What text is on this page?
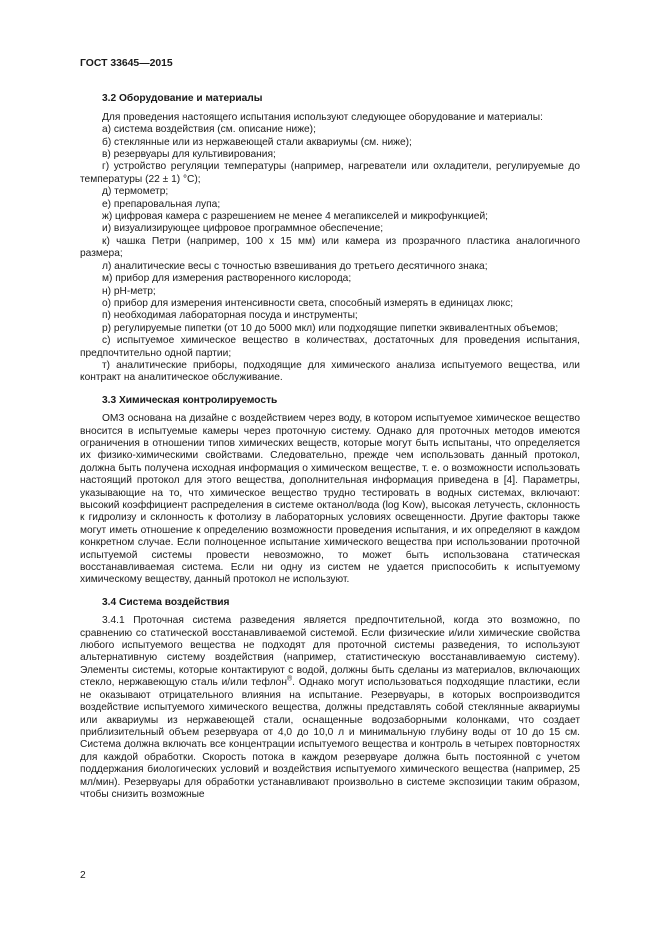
ГОСТ 33645—2015
3.2 Оборудование и материалы

Для проведения настоящего испытания используют следующее оборудование и материалы:

а) система воздействия (см. описание ниже);
б) стеклянные или из нержавеющей стали аквариумы (см. ниже);
в) резервуары для культивирования;
г) устройство регуляции температуры (например, нагреватели или охладители, регулируемые до температуры (22 ± 1) °С);
д) термометр;
е) препаровальная лупа;
ж) цифровая камера с разрешением не менее 4 мегапикселей и микрофункцией;
и) визуализирующее цифровое программное обеспечение;
к) чашка Петри (например, 100 x 15 мм) или камера из прозрачного пластика аналогичного размера;
л) аналитические весы с точностью взвешивания до третьего десятичного знака;
м) прибор для измерения растворенного кислорода;
н) рН-метр;
о) прибор для измерения интенсивности света, способный измерять в единицах люкс;
п) необходимая лабораторная посуда и инструменты;
р) регулируемые пипетки (от 10 до 5000 мкл) или подходящие пипетки эквивалентных объемов;
с) испытуемое химическое вещество в количествах, достаточных для проведения испытания, предпочтительно одной партии;
т) аналитические приборы, подходящие для химического анализа испытуемого вещества, или контракт на аналитическое обслуживание.
3.3 Химическая контролируемость

ОМЗ основана на дизайне с воздействием через воду, в котором испытуемое химическое вещество вносится в испытуемые камеры через проточную систему. Однако для проточных методов имеются ограничения в отношении типов химических веществ, которые могут быть испытаны, что определяется их физико-химическими свойствами. Следовательно, прежде чем использовать данный протокол, должна быть получена исходная информация о химическом веществе, т. е. о возможности использовать настоящий протокол для этого вещества, дополнительная информация приведена в [4]. Параметры, указывающие на то, что химическое вещество трудно тестировать в водных системах, включают: высокий коэффициент распределения в системе октанол/вода (log Kow), высокая летучесть, склонность к гидролизу и склонность к фотолизу в лабораторных условиях освещенности. Другие факторы также могут иметь отношение к определению возможности проведения испытания, и их определяют в каждом конкретном случае. Если полноценное испытание химического вещества при использовании проточной испытуемой системы провести невозможно, то может быть использована статическая восстанавливаемая система. Если ни одну из систем не удается приспособить к испытуемому химическому веществу, данный протокол не используют.

3.4 Система воздействия

3.4.1 Проточная система разведения является предпочтительной, когда это возможно, по сравнению со статической восстанавливаемой системой. Если физические и/или химические свойства любого испытуемого вещества не подходят для проточной системы разведения, то используют альтернативную систему воздействия (например, статистическую восстанавливаемую систему). Элементы системы, которые контактируют с водой, должны быть сделаны из материалов, включающих стекло, нержавеющую сталь и/или тефлон®. Однако могут использоваться подходящие пластики, если не оказывают отрицательного влияния на испытание. Резервуары, в которых воспроизводится воздействие испытуемого химического вещества, должны представлять собой стеклянные аквариумы или аквариумы из нержавеющей стали, оснащенные водозаборными колонками, что создает приблизительный объем резервуара от 4,0 до 10,0 л и минимальную глубину воды от 10 до 15 см. Система должна включать все концентрации испытуемого вещества и контроль в четырех повторностях для каждой обработки. Скорость потока в каждом резервуаре должна быть постоянной с учетом поддержания биологических условий и воздействия испытуемого химического вещества (например, 25 мл/мин). Резервуары для обработки устанавливают произвольно в системе экспозиции таким образом, чтобы снизить возможные

2
